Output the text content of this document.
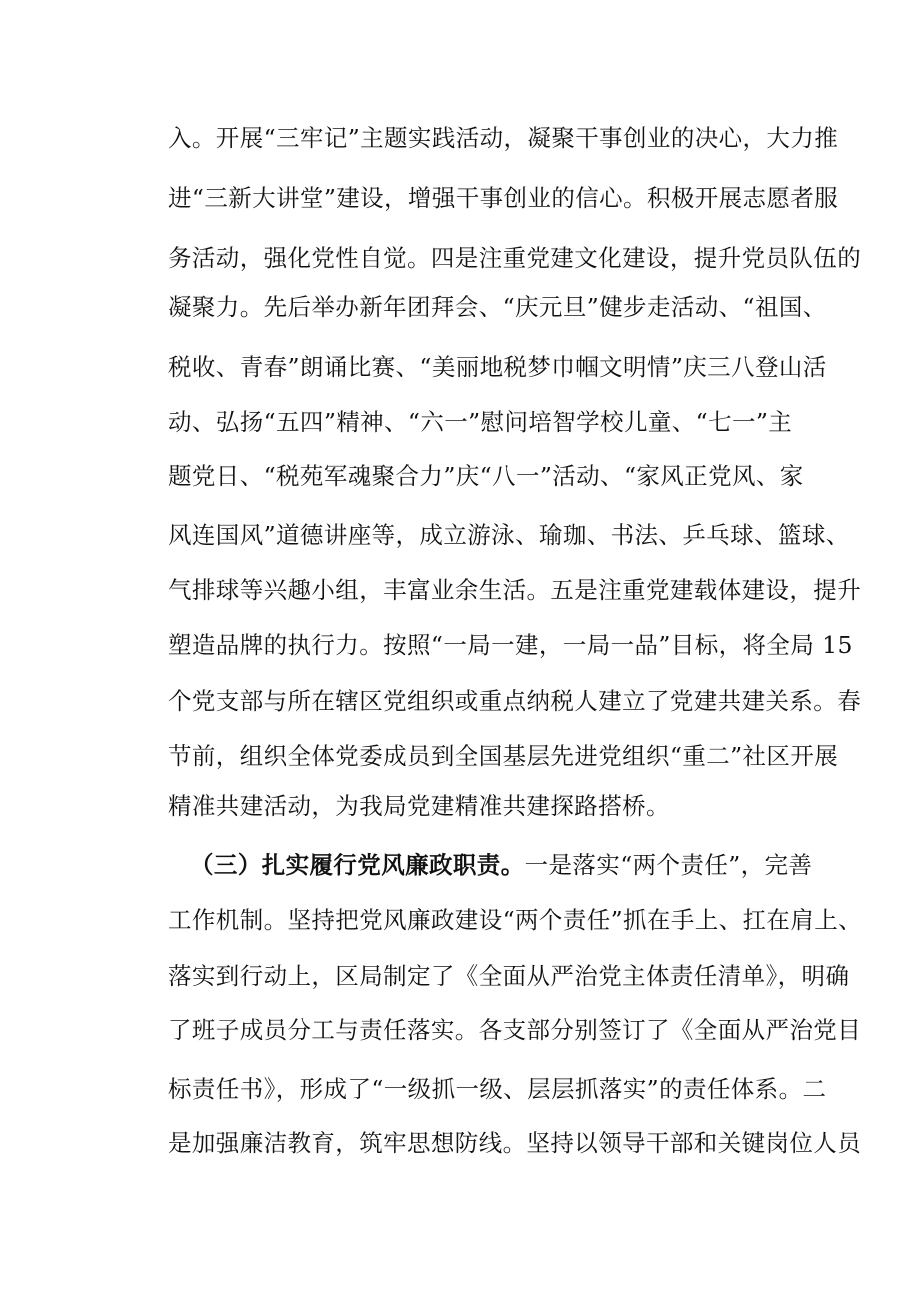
入。开展“三牢记”主题实践活动，凝聚干事创业的决心，大力推
进“三新大讲堂”建设，增强干事创业的信心。积极开展志愿者服
务活动，强化党性自觉。四是注重党建文化建设，提升党员队伍的
凝聚力。先后举办新年团拜会、“庆元旦”健步走活动、“祖国、
税收、青春”朗诵比赛、“美丽地税梦巾帼文明情”庆三八登山活
动、弘扬“五四”精神、“六一”慰问培智学校儿童、“七一”主
题党日、“税苑军魂聚合力”庆“八一”活动、“家风正党风、家
风连国风”道德讲座等，成立游泳、瑜珈、书法、乒乓球、篮球、
气排球等兴趣小组，丰富业余生活。五是注重党建载体建设，提升
塑造品牌的执行力。按照“一局一建，一局一品”目标，将全局 15
个党支部与所在辖区党组织或重点纳税人建立了党建共建关系。春
节前，组织全体党委成员到全国基层先进党组织“重二”社区开展
精准共建活动，为我局党建精准共建探路搭桥。
（三）扎实履行党风廉政职责。一是落实“两个责任”，完善
工作机制。坚持把党风廉政建设“两个责任”抓在手上、扛在肩上、
落实到行动上，区局制定了《全面从严治党主体责任清单》，明确
了班子成员分工与责任落实。各支部分别签订了《全面从严治党目
标责任书》，形成了“一级抓一级、层层抓落实”的责任体系。二
是加强廉洁教育，筑牢思想防线。坚持以领导干部和关键岗位人员
